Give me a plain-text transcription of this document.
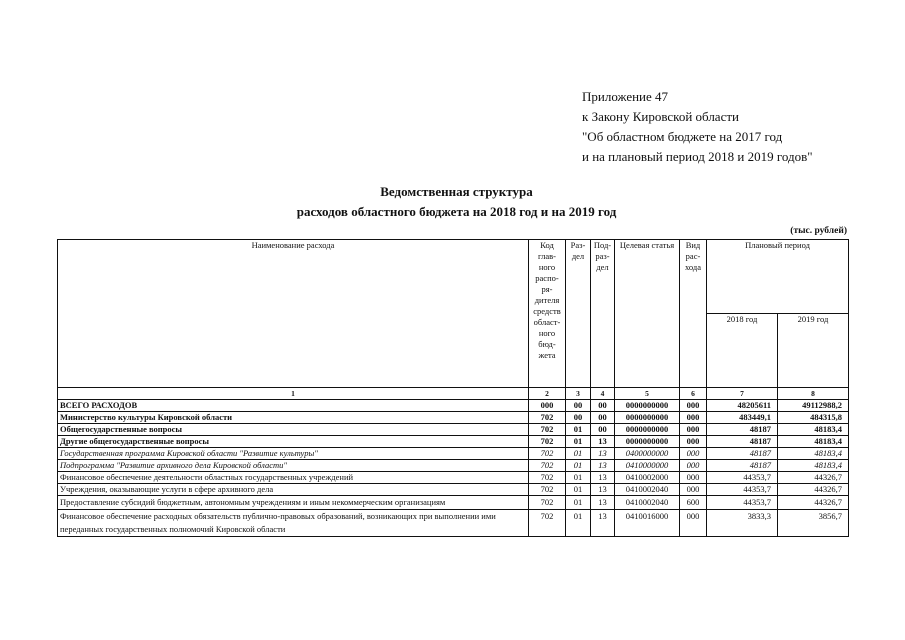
Приложение 47
к Закону Кировской области
"Об областном бюджете на 2017 год
и на плановый период 2018 и 2019 годов"
Ведомственная структура
расходов областного бюджета на 2018 год и на 2019 год
(тыс. рублей)
Наименование расхода	Код глав-ного распо-ря-дителя средств област-ного бюд-жета	Раз-дел	Под-раз-дел	Целевая статья	Вид рас-хода	Плановый период	
						2018 год	2019 год
1	2	3	4	5	6	7	8
ВСЕГО РАСХОДОВ	000	00	00	0000000000	000	48205611	49112988,2
Министерство культуры Кировской области	702	00	00	0000000000	000	483449,1	484315,8
Общегосударственные вопросы	702	01	00	0000000000	000	48187	48183,4
Другие общегосударственные вопросы	702	01	13	0000000000	000	48187	48183,4
Государственная программа Кировской области "Развитие культуры"	702	01	13	0400000000	000	48187	48183,4
Подпрограмма "Развитие архивного дела Кировской области"	702	01	13	0410000000	000	48187	48183,4
Финансовое обеспечение деятельности областных государственных учреждений	702	01	13	0410002000	000	44353,7	44326,7
Учреждения, оказывающие услуги в сфере архивного дела	702	01	13	0410002040	000	44353,7	44326,7
Предоставление субсидий бюджетным, автономным учреждениям и иным некоммерческим организациям	702	01	13	0410002040	600	44353,7	44326,7
Финансовое обеспечение расходных обязательств публично-правовых образований, возникающих при выполнении ими переданных государственных полномочий Кировской области	702	01	13	0410016000	000	3833,3	3856,7
